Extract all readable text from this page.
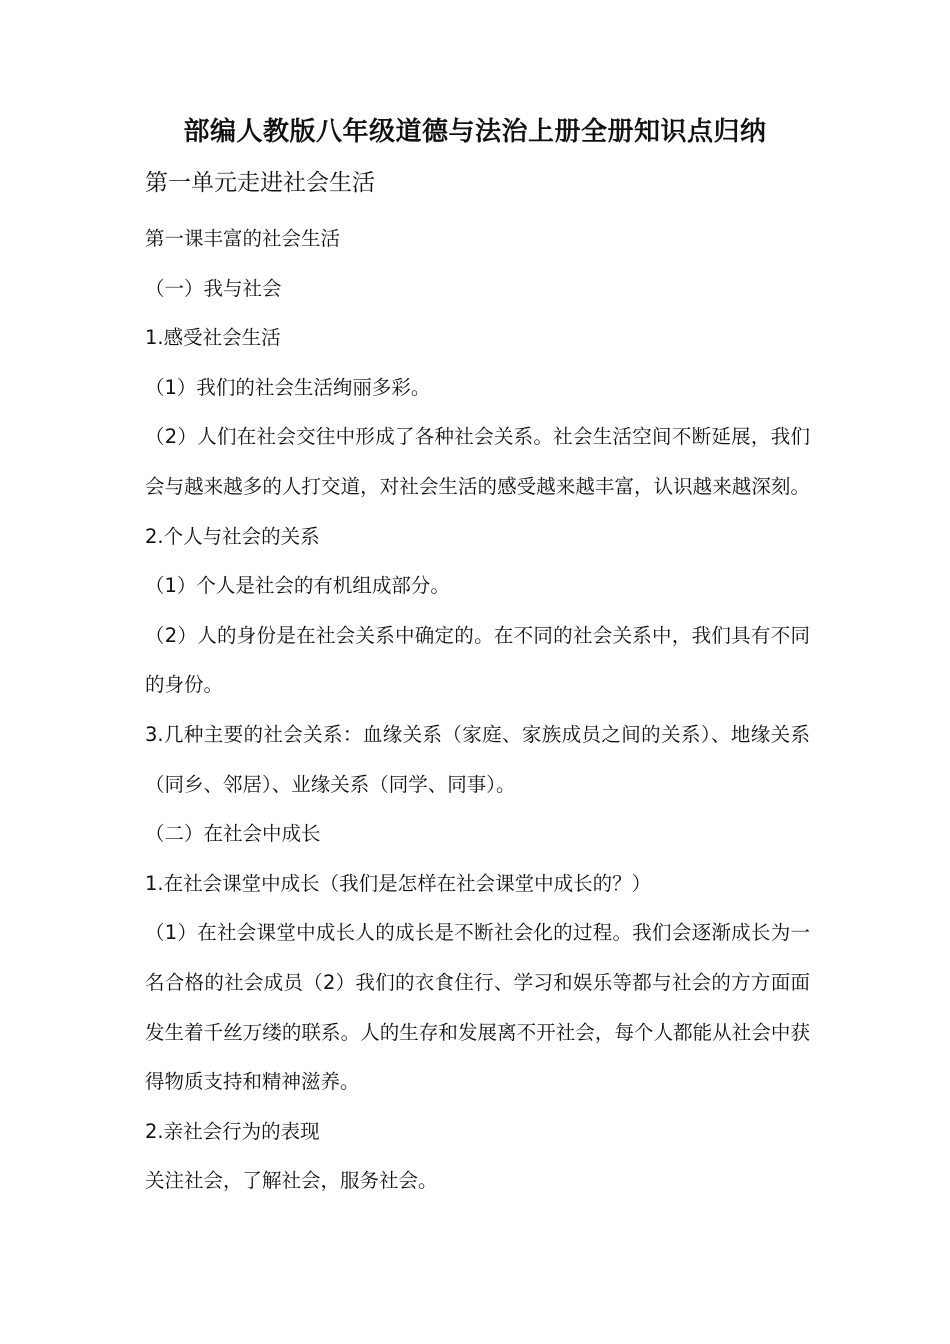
部编人教版八年级道德与法治上册全册知识点归纳
第一单元走进社会生活

第一课丰富的社会生活

（一）我与社会

1.感受社会生活

（1）我们的社会生活绚丽多彩。

（2）人们在社会交往中形成了各种社会关系。社会生活空间不断延展，我们会与越来越多的人打交道，对社会生活的感受越来越丰富，认识越来越深刻。2.个人与社会的关系

（1）个人是社会的有机组成部分。

（2）人的身份是在社会关系中确定的。在不同的社会关系中，我们具有不同的身份。

3.几种主要的社会关系：血缘关系（家庭、家族成员之间的关系）、地缘关系（同乡、邻居）、业缘关系（同学、同事）。

（二）在社会中成长

1.在社会课堂中成长（我们是怎样在社会课堂中成长的？）

（1）在社会课堂中成长人的成长是不断社会化的过程。我们会逐渐成长为一名合格的社会成员（2）我们的衣食住行、学习和娱乐等都与社会的方方面面发生着千丝万缕的联系。人的生存和发展离不开社会，每个人都能从社会中获得物质支持和精神滋养。

2.亲社会行为的表现

关注社会，了解社会，服务社会。
